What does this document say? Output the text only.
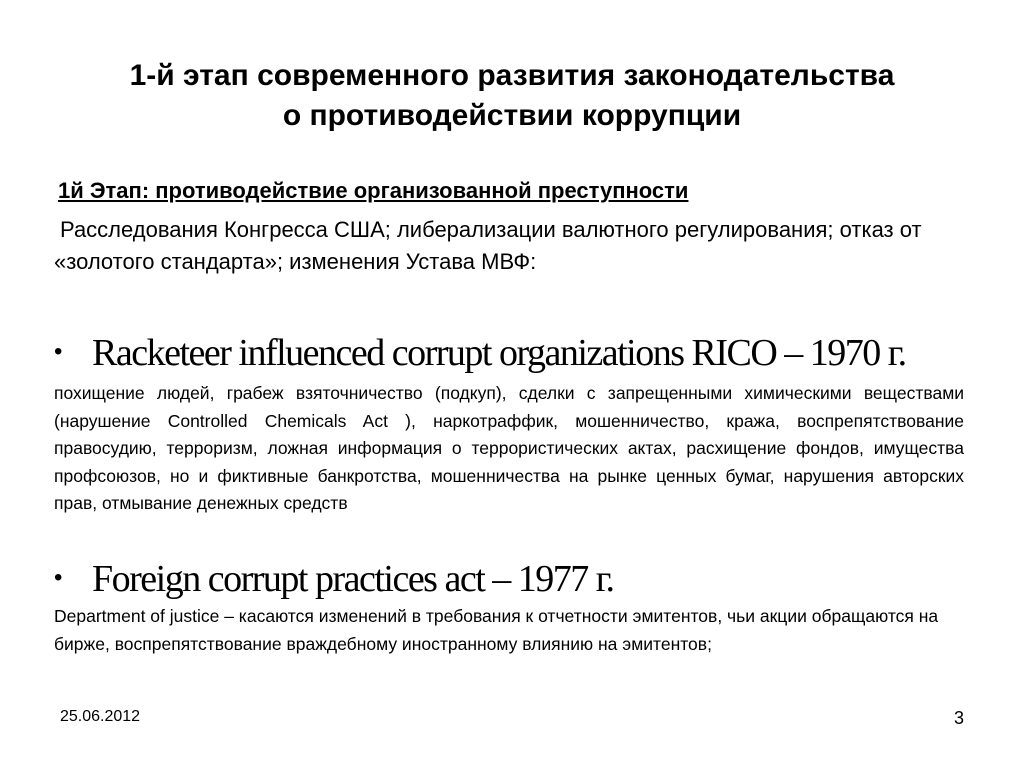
1-й этап современного развития законодательства
о противодействии коррупции
1й Этап: противодействие организованной преступности
Расследования Конгресса США; либерализации валютного регулирования; отказ от «золотого стандарта»; изменения Устава МВФ:
• Racketeer influenced corrupt organizations RICO – 1970 г.
похищение людей, грабеж взяточничество (подкуп), сделки с запрещенными химическими веществами (нарушение Controlled Chemicals Act ), наркотраффик, мошенничество, кража, воспрепятствование правосудию, терроризм, ложная информация о террористических актах, расхищение фондов, имущества профсоюзов, но и фиктивные банкротства, мошенничества на рынке ценных бумаг, нарушения авторских прав, отмывание денежных средств
• Foreign corrupt practices act – 1977 г.
Department of justice – касаются изменений в требования к отчетности эмитентов, чьи акции обращаются на бирже, воспрепятствование враждебному иностранному влиянию на эмитентов;
25.06.2012	3
